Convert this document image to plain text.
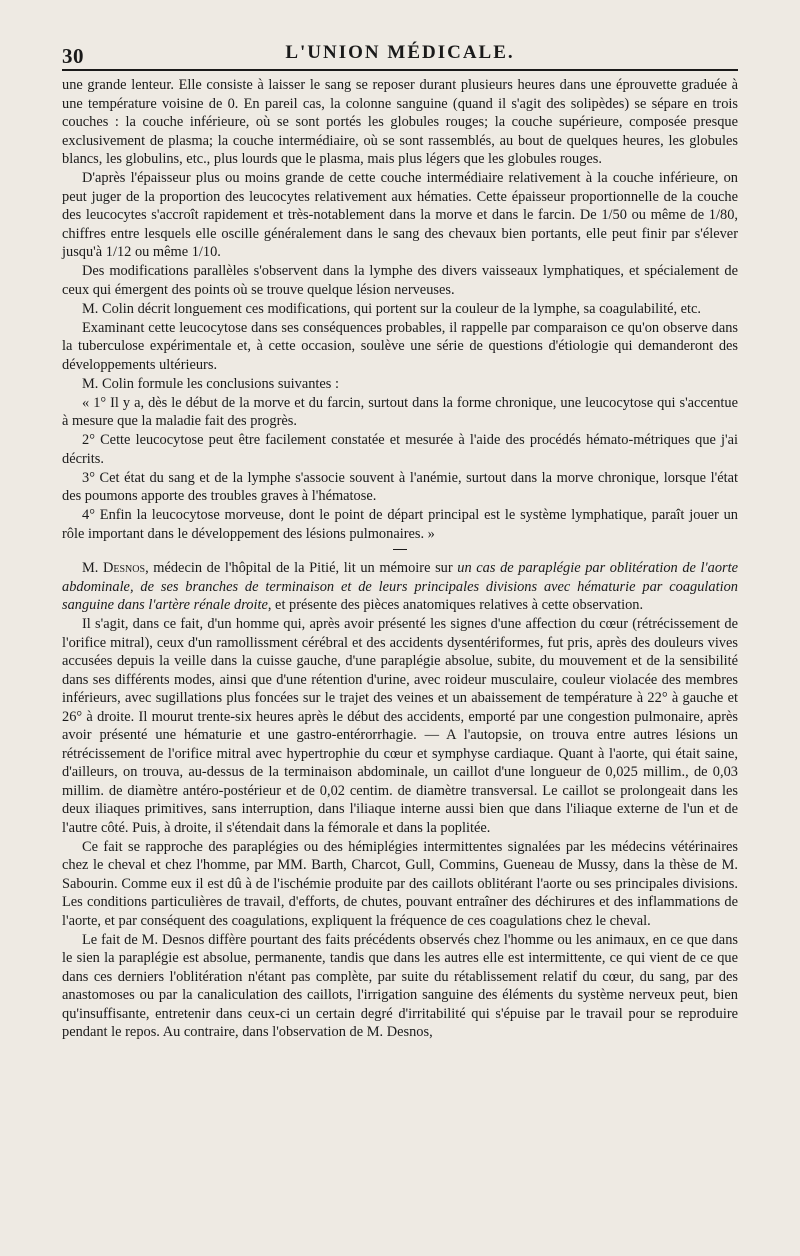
30	L'UNION MÉDICALE.

une grande lenteur. Elle consiste à laisser le sang se reposer durant plusieurs heures dans une éprouvette graduée à une température voisine de 0. En pareil cas, la colonne sanguine (quand il s'agit des solipèdes) se sépare en trois couches : la couche inférieure, où se sont portés les globules rouges; la couche supérieure, composée presque exclusivement de plasma; la couche intermédiaire, où se sont rassemblés, au bout de quelques heures, les globules blancs, les globulins, etc., plus lourds que le plasma, mais plus légers que les globules rouges.

D'après l'épaisseur plus ou moins grande de cette couche intermédiaire relativement à la couche inférieure, on peut juger de la proportion des leucocytes relativement aux hématies. Cette épaisseur proportionnelle de la couche des leucocytes s'accroît rapidement et très-notablement dans la morve et dans le farcin. De 1/50 ou même de 1/80, chiffres entre lesquels elle oscille généralement dans le sang des chevaux bien portants, elle peut finir par s'élever jusqu'à 1/12 ou même 1/10.

Des modifications parallèles s'observent dans la lymphe des divers vaisseaux lymphatiques, et spécialement de ceux qui émergent des points où se trouve quelque lésion nerveuses.

M. Colin décrit longuement ces modifications, qui portent sur la couleur de la lymphe, sa coagulabilité, etc.

Examinant cette leucocytose dans ses conséquences probables, il rappelle par comparaison ce qu'on observe dans la tuberculose expérimentale et, à cette occasion, soulève une série de questions d'étiologie qui demanderont des développements ultérieurs.

M. Colin formule les conclusions suivantes :

« 1° Il y a, dès le début de la morve et du farcin, surtout dans la forme chronique, une leucocytose qui s'accentue à mesure que la maladie fait des progrès.

2° Cette leucocytose peut être facilement constatée et mesurée à l'aide des procédés hémato-métriques que j'ai décrits.

3° Cet état du sang et de la lymphe s'associe souvent à l'anémie, surtout dans la morve chronique, lorsque l'état des poumons apporte des troubles graves à l'hématose.

4° Enfin la leucocytose morveuse, dont le point de départ principal est le système lymphatique, paraît jouer un rôle important dans le développement des lésions pulmonaires. »

M. Desnos, médecin de l'hôpital de la Pitié, lit un mémoire sur un cas de paraplégie par oblitération de l'aorte abdominale, de ses branches de terminaison et de leurs principales divisions avec hématurie par coagulation sanguine dans l'artère rénale droite, et présente des pièces anatomiques relatives à cette observation.

Il s'agit, dans ce fait, d'un homme qui, après avoir présenté les signes d'une affection du cœur (rétrécissement de l'orifice mitral), ceux d'un ramollissment cérébral et des accidents dysentériformes, fut pris, après des douleurs vives accusées depuis la veille dans la cuisse gauche, d'une paraplégie absolue, subite, du mouvement et de la sensibilité dans ses différents modes, ainsi que d'une rétention d'urine, avec roideur musculaire, couleur violacée des membres inférieurs, avec sugillations plus foncées sur le trajet des veines et un abaissement de température à 22° à gauche et 26° à droite. Il mourut trente-six heures après le début des accidents, emporté par une congestion pulmonaire, après avoir présenté une hématurie et une gastro-entérorrhagie. — A l'autopsie, on trouva entre autres lésions un rétrécissement de l'orifice mitral avec hypertrophie du cœur et symphyse cardiaque. Quant à l'aorte, qui était saine, d'ailleurs, on trouva, au-dessus de la terminaison abdominale, un caillot d'une longueur de 0,025 millim., de 0,03 millim. de diamètre antéro-postérieur et de 0,02 centim. de diamètre transversal. Le caillot se prolongeait dans les deux iliaques primitives, sans interruption, dans l'iliaque interne aussi bien que dans l'iliaque externe de l'un et de l'autre côté. Puis, à droite, il s'étendait dans la fémorale et dans la poplitée.

Ce fait se rapproche des paraplégies ou des hémiplégies intermittentes signalées par les médecins vétérinaires chez le cheval et chez l'homme, par MM. Barth, Charcot, Gull, Commins, Gueneau de Mussy, dans la thèse de M. Sabourin. Comme eux il est dû à de l'ischémie produite par des caillots oblitérant l'aorte ou ses principales divisions. Les conditions particulières de travail, d'efforts, de chutes, pouvant entraîner des déchirures et des inflammations de l'aorte, et par conséquent des coagulations, expliquent la fréquence de ces coagulations chez le cheval.

Le fait de M. Desnos diffère pourtant des faits précédents observés chez l'homme ou les animaux, en ce que dans le sien la paraplégie est absolue, permanente, tandis que dans les autres elle est intermittente, ce qui vient de ce que dans ces derniers l'oblitération n'étant pas complète, par suite du rétablissement relatif du cœur, du sang, par des anastomoses ou par la canaliculation des caillots, l'irrigation sanguine des éléments du système nerveux peut, bien qu'insuffisante, entretenir dans ceux-ci un certain degré d'irritabilité qui s'épuise par le travail pour se reproduire pendant le repos. Au contraire, dans l'observation de M. Desnos,
